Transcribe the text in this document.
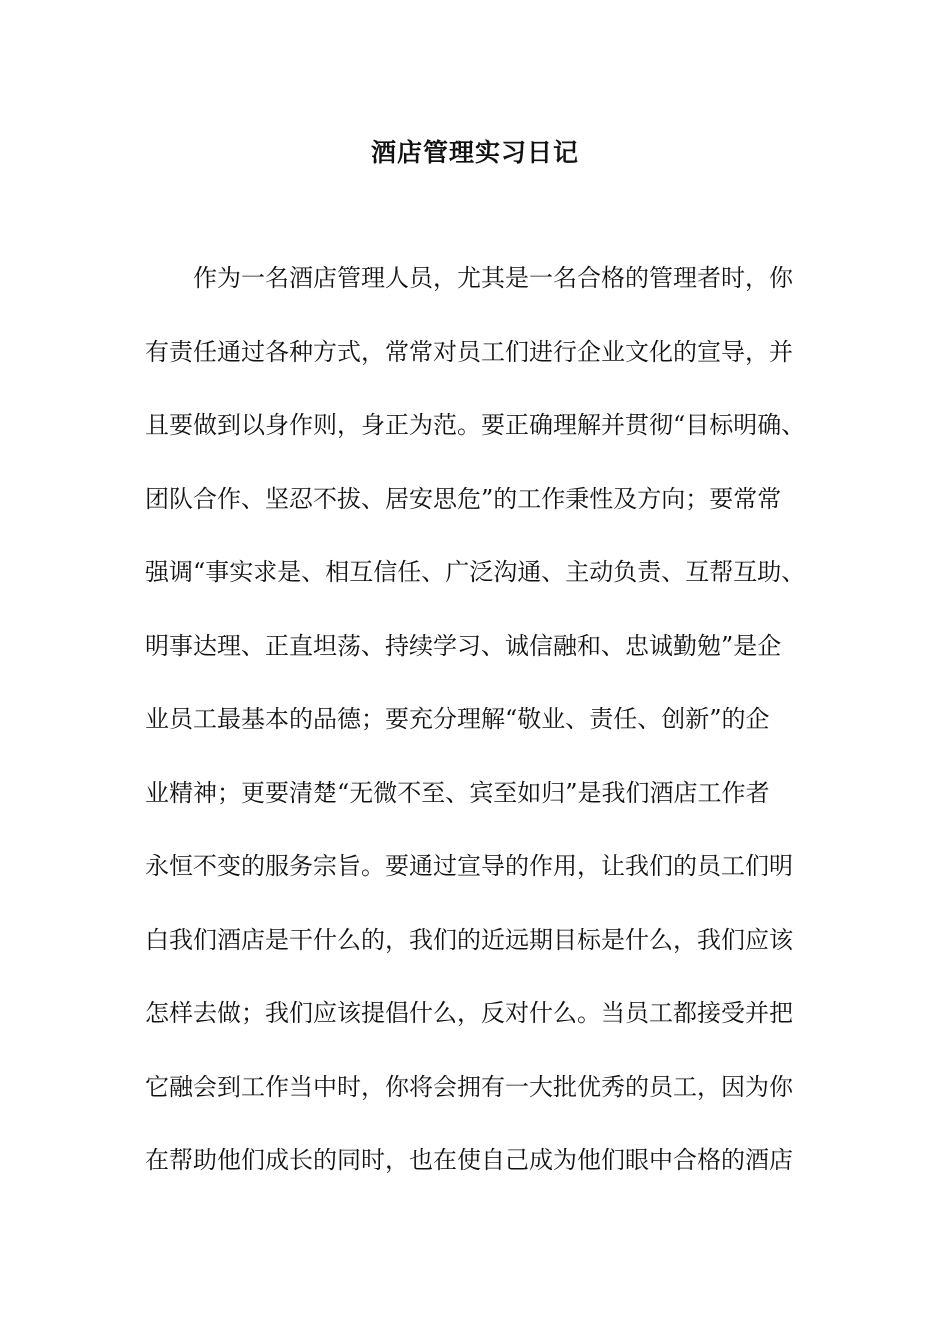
酒店管理实习日记
作为一名酒店管理人员，尤其是一名合格的管理者时，你
有责任通过各种方式，常常对员工们进行企业文化的宣导，并
且要做到以身作则，身正为范。要正确理解并贯彻“目标明确、
团队合作、坚忍不拔、居安思危”的工作秉性及方向；要常常
强调“事实求是、相互信任、广泛沟通、主动负责、互帮互助、
明事达理、正直坦荡、持续学习、诚信融和、忠诚勤勉”是企
业员工最基本的品德；要充分理解“敬业、责任、创新”的企
业精神；更要清楚“无微不至、宾至如归”是我们酒店工作者
永恒不变的服务宗旨。要通过宣导的作用，让我们的员工们明
白我们酒店是干什么的，我们的近远期目标是什么，我们应该
怎样去做；我们应该提倡什么，反对什么。当员工都接受并把
它融会到工作当中时，你将会拥有一大批优秀的员工，因为你
在帮助他们成长的同时，也在使自己成为他们眼中合格的酒店
